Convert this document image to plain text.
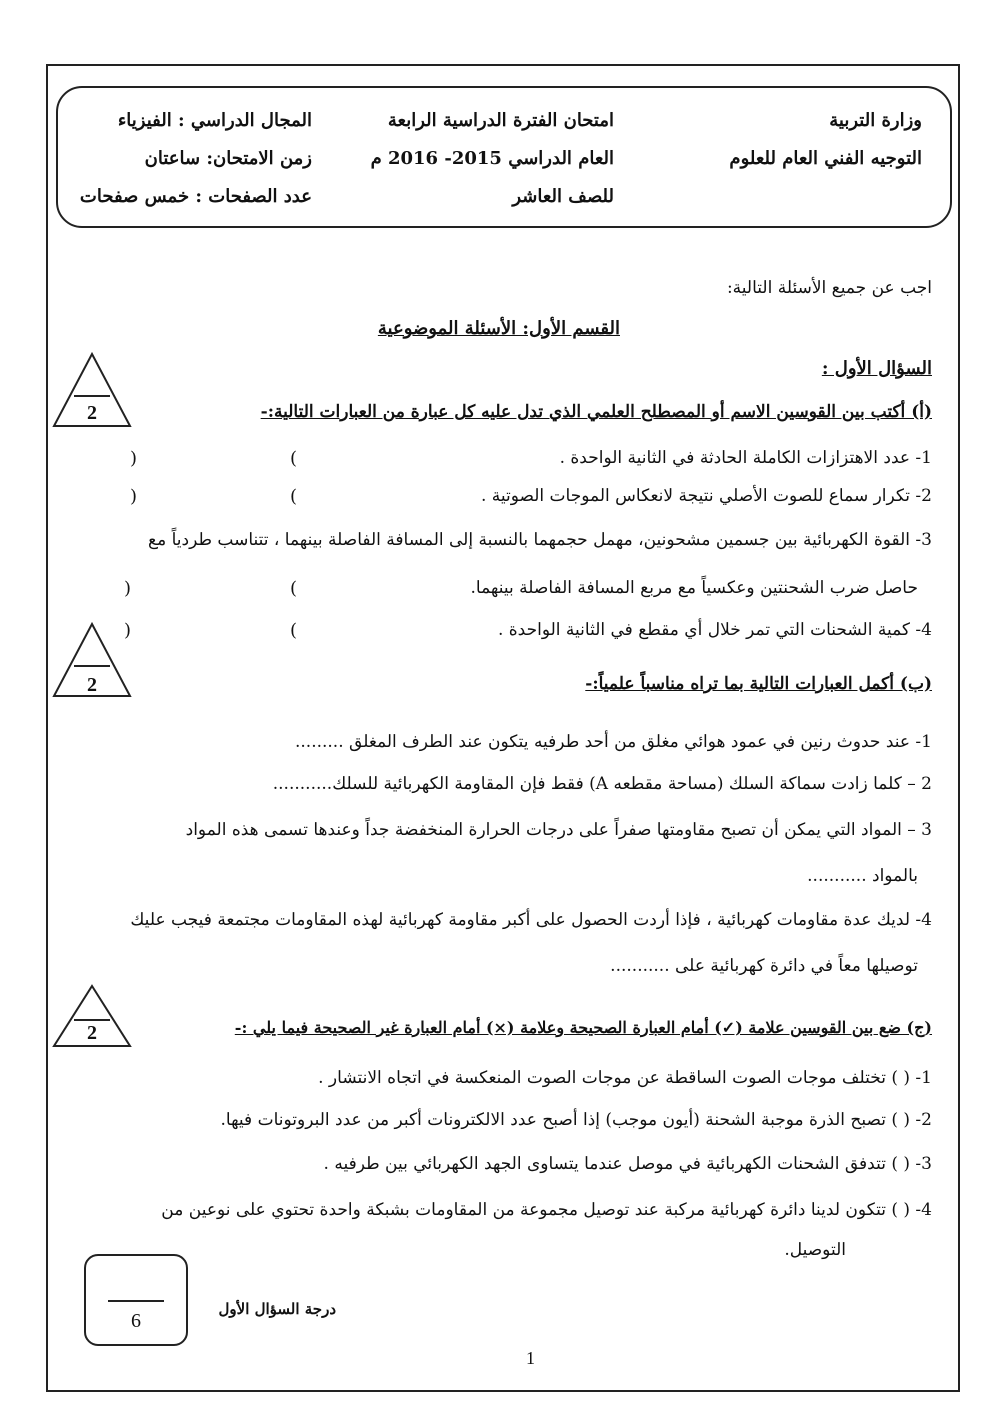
وزارة التربية
التوجيه الفني العام للعلوم
امتحان الفترة الدراسية الرابعة
العام الدراسي 2015- 2016 م
للصف العاشر
المجال الدراسي : الفيزياء
زمن الامتحان: ساعتان
عدد الصفحات : خمس صفحات
اجب عن جميع الأسئلة التالية:
القسم الأول: الأسئلة الموضوعية
السؤال الأول :
2	(أ) أكتب بين القوسين الاسم أو المصطلح العلمي الذي تدل عليه كل عبارة من العبارات التالية:-
1- عدد الاهتزازات الكاملة الحادثة في الثانية الواحدة .
(
)
2- تكرار سماع للصوت الأصلي نتيجة لانعكاس الموجات الصوتية .
(
)
3- القوة الكهربائية بين جسمين مشحونين، مهمل حجمهما بالنسبة إلى المسافة الفاصلة بينهما ، تتناسب طردياً مع
حاصل ضرب الشحنتين وعكسياً مع مربع المسافة الفاصلة بينهما.
(
)
4- كمية الشحنات التي تمر خلال أي مقطع في الثانية الواحدة .
(
)
2	(ب) أكمل العبارات التالية بما تراه مناسباً علمياً:-
1- عند حدوث رنين في عمود هوائي مغلق من أحد طرفيه يتكون عند الطرف المغلق .........
2 – كلما زادت سماكة السلك (مساحة مقطعه A) فقط فإن المقاومة الكهربائية للسلك...........
3 – المواد التي يمكن أن تصبح مقاومتها صفراً على درجات الحرارة المنخفضة جداً وعندها تسمى هذه المواد
بالمواد ...........
4- لديك عدة مقاومات كهربائية ، فإذا أردت الحصول على أكبر مقاومة كهربائية لهذه المقاومات مجتمعة فيجب عليك
توصيلها معاً في دائرة كهربائية على ...........
2	(ج) ضع بين القوسين علامة (✓) أمام العبارة الصحيحة وعلامة (×) أمام العبارة غير الصحيحة فيما يلي :-
1- ( ) تختلف موجات الصوت الساقطة عن موجات الصوت المنعكسة في اتجاه الانتشار .
2- ( ) تصبح الذرة موجبة الشحنة (أيون موجب) إذا أصبح عدد الالكترونات أكبر من عدد البروتونات فيها.
3- ( ) تتدفق الشحنات الكهربائية في موصل عندما يتساوى الجهد الكهربائي بين طرفيه .
4- ( ) تتكون لدينا دائرة كهربائية مركبة عند توصيل مجموعة من المقاومات بشبكة واحدة تحتوي على نوعين من
التوصيل.
6
درجة السؤال الأول
1
